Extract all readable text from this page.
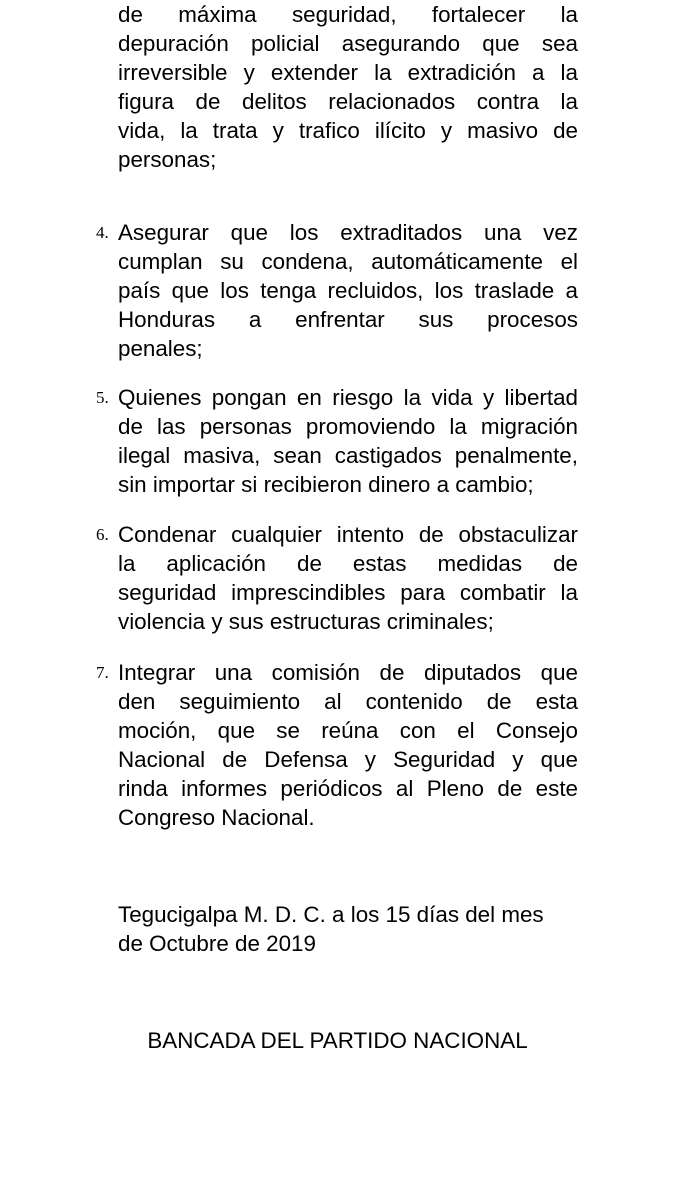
de máxima seguridad, fortalecer la
depuración policial asegurando que sea
irreversible y extender la extradición a la
figura de delitos relacionados contra la
vida, la trata y trafico ilícito y masivo de
personas;
4. Asegurar que los extraditados una vez
cumplan su condena, automáticamente el
país que los tenga recluidos, los traslade a
Honduras a enfrentar sus procesos
penales;
5. Quienes pongan en riesgo la vida y libertad
de las personas promoviendo la migración
ilegal masiva, sean castigados penalmente,
sin importar si recibieron dinero a cambio;
6. Condenar cualquier intento de obstaculizar
la aplicación de estas medidas de
seguridad imprescindibles para combatir la
violencia y sus estructuras criminales;
7. Integrar una comisión de diputados que
den seguimiento al contenido de esta
moción, que se reúna con el Consejo
Nacional de Defensa y Seguridad y que
rinda informes periódicos al Pleno de este
Congreso Nacional.
Tegucigalpa M. D. C. a los 15 días del mes
de Octubre de 2019
BANCADA DEL PARTIDO NACIONAL
